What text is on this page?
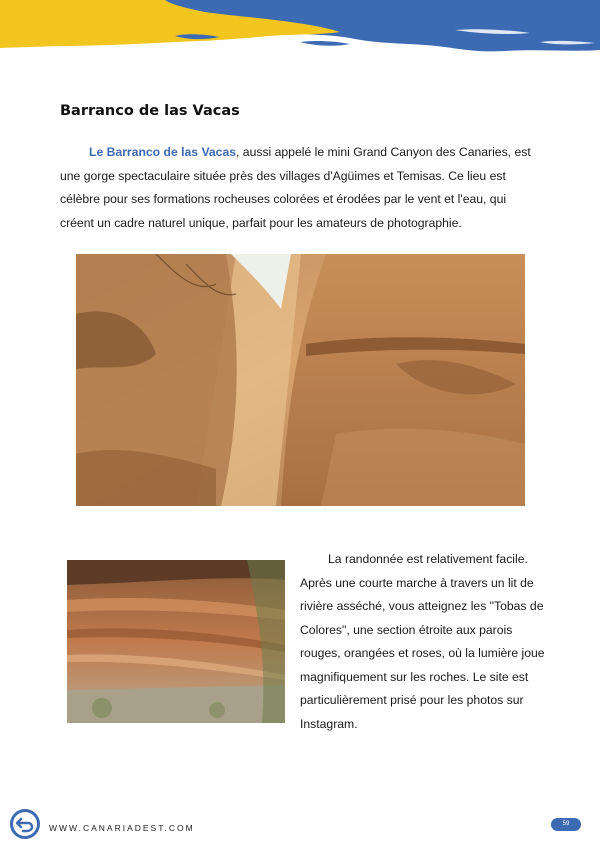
Barranco de las Vacas

Le Barranco de las Vacas, aussi appelé le mini Grand Canyon des Canaries, est une gorge spectaculaire située près des villages d'Agüimes et Temisas. Ce lieu est célèbre pour ses formations rocheuses colorées et érodées par le vent et l'eau, qui créent un cadre naturel unique, parfait pour les amateurs de photographie.

La randonnée est relativement facile. Après une courte marche à travers un lit de rivière asséché, vous atteignez les "Tobas de Colores", une section étroite aux parois rouges, orangées et roses, où la lumière joue magnifiquement sur les roches. Le site est particulièrement prisé pour les photos sur Instagram.

WWW.CANARIADEST.COM	59
